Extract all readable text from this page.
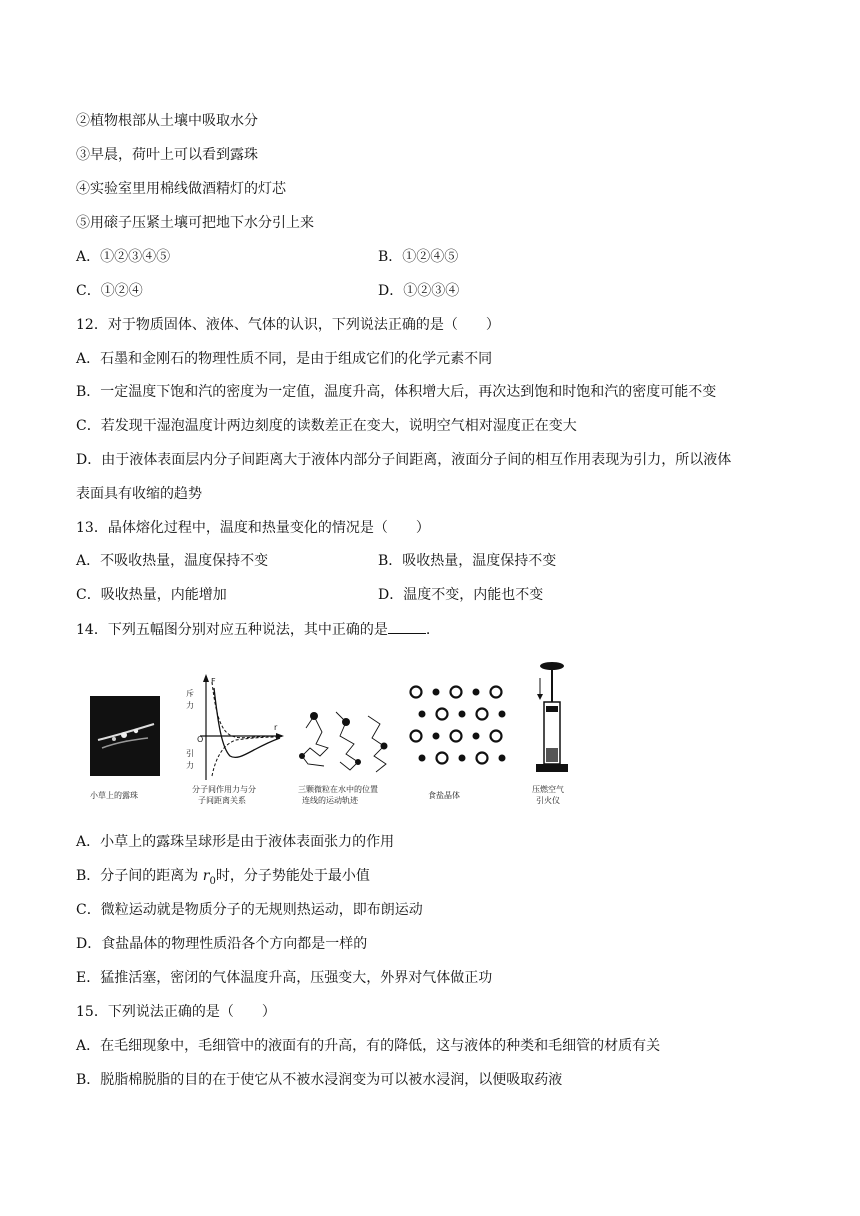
②植物根部从土壤中吸取水分
③早晨，荷叶上可以看到露珠
④实验室里用棉线做酒精灯的灯芯
⑤用磙子压紧土壤可把地下水分引上来
A．①②③④⑤	B．①②④⑤
C．①②④	D．①②③④
12．对于物质固体、液体、气体的认识，下列说法正确的是（　　）
A．石墨和金刚石的物理性质不同，是由于组成它们的化学元素不同
B．一定温度下饱和汽的密度为一定值，温度升高，体积增大后，再次达到饱和时饱和汽的密度可能不变
C．若发现干湿泡温度计两边刻度的读数差正在变大，说明空气相对湿度正在变大
D．由于液体表面层内分子间距离大于液体内部分子间距离，液面分子间的相互作用表现为引力，所以液体
表面具有收缩的趋势
13．晶体熔化过程中，温度和热量变化的情况是（　　）
A．不吸收热量，温度保持不变	B．吸收热量，温度保持不变
C．吸收热量，内能增加	D．温度不变，内能也不变
14．下列五幅图分别对应五种说法，其中正确的是	.
小草上的露珠
F
r
O
斥
力
引
力
分子间作用力与分
子间距离关系
三颗微粒在水中的位置
连线的运动轨迹
食盐晶体
压燃空气
引火仪
A．小草上的露珠呈球形是由于液体表面张力的作用
B．分子间的距离为 $r_0$时，分子势能处于最小值
C．微粒运动就是物质分子的无规则热运动，即布朗运动
D．食盐晶体的物理性质沿各个方向都是一样的
E．猛推活塞，密闭的气体温度升高，压强变大，外界对气体做正功
15．下列说法正确的是（　　）
A．在毛细现象中，毛细管中的液面有的升高，有的降低，这与液体的种类和毛细管的材质有关
B．脱脂棉脱脂的目的在于使它从不被水浸润变为可以被水浸润，以便吸取药液
